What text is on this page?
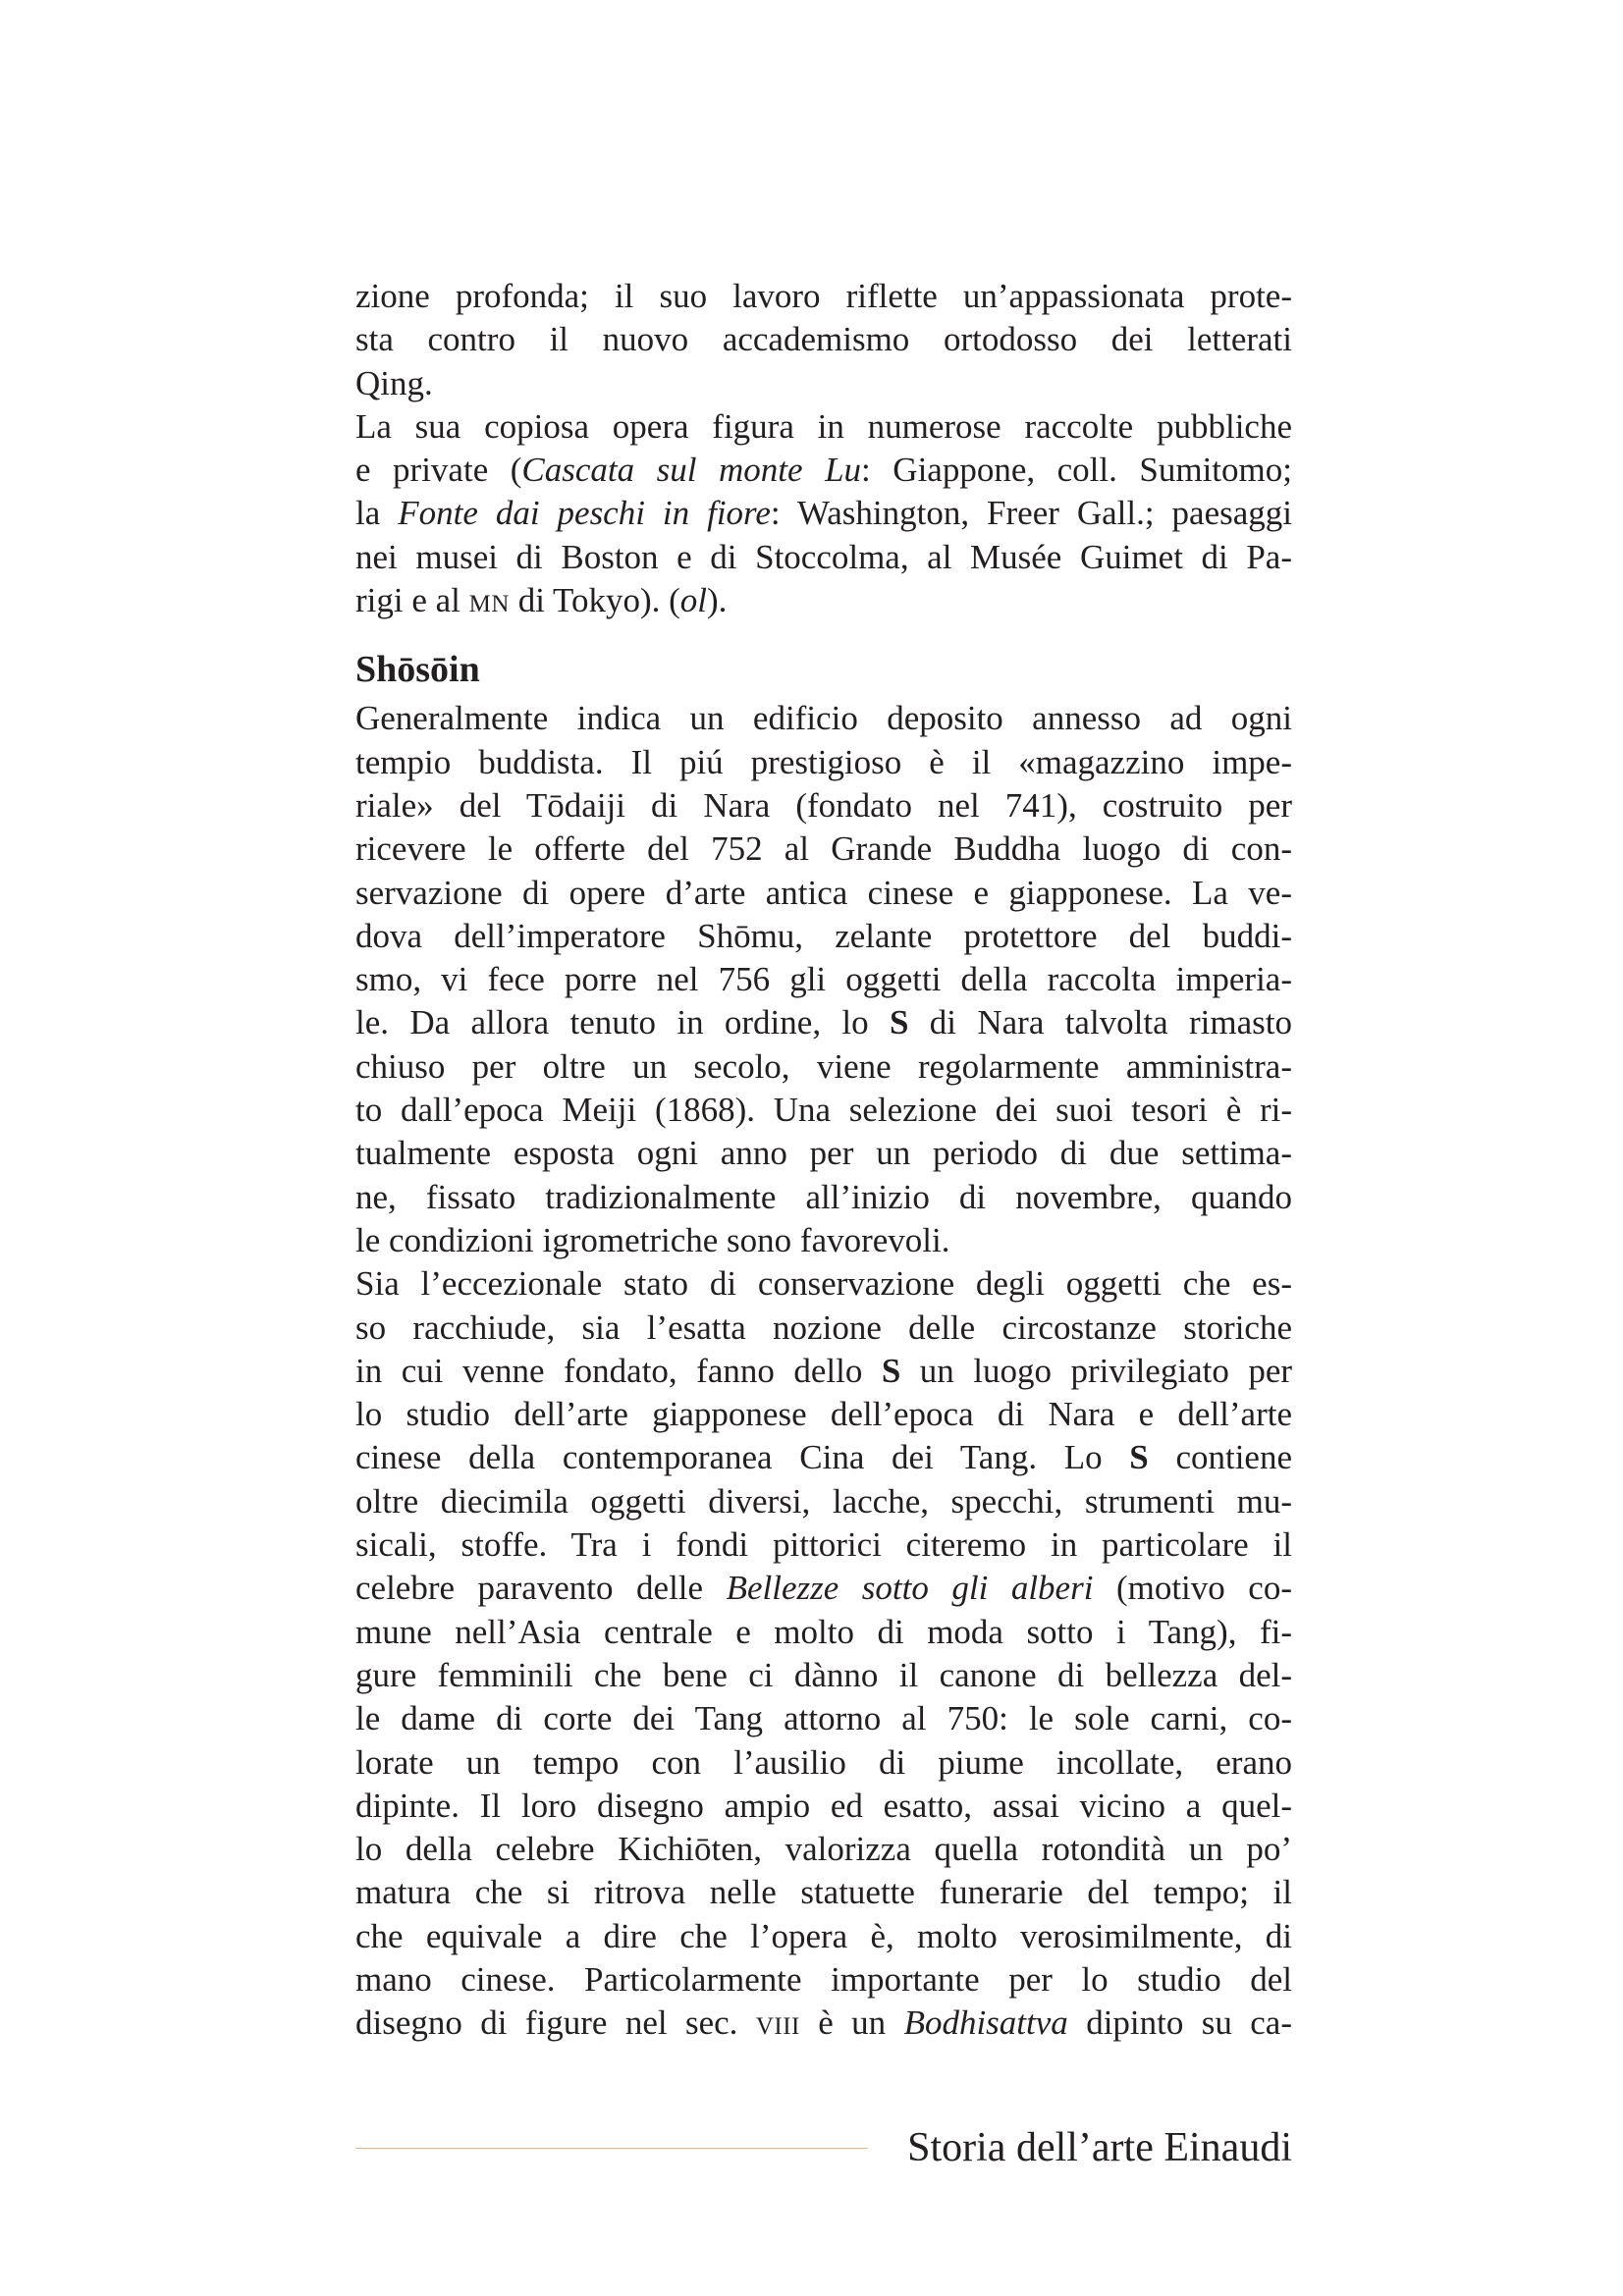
zione profonda; il suo lavoro riflette un’appassionata prote-
sta contro il nuovo accademismo ortodosso dei letterati
Qing.
La sua copiosa opera figura in numerose raccolte pubbliche
e private (Cascata sul monte Lu: Giappone, coll. Sumitomo;
la Fonte dai peschi in fiore: Washington, Freer Gall.; paesaggi
nei musei di Boston e di Stoccolma, al Musée Guimet di Pa-
rigi e al mn di Tokyo). (ol).
Shōsōin
Generalmente indica un edificio deposito annesso ad ogni
tempio buddista. Il piú prestigioso è il «magazzino impe-
riale» del Tōdaiji di Nara (fondato nel 741), costruito per
ricevere le offerte del 752 al Grande Buddha luogo di con-
servazione di opere d’arte antica cinese e giapponese. La ve-
dova dell’imperatore Shōmu, zelante protettore del buddi-
smo, vi fece porre nel 756 gli oggetti della raccolta imperia-
le. Da allora tenuto in ordine, lo S di Nara talvolta rimasto
chiuso per oltre un secolo, viene regolarmente amministra-
to dall’epoca Meiji (1868). Una selezione dei suoi tesori è ri-
tualmente esposta ogni anno per un periodo di due settima-
ne, fissato tradizionalmente all’inizio di novembre, quando
le condizioni igrometriche sono favorevoli.
Sia l’eccezionale stato di conservazione degli oggetti che es-
so racchiude, sia l’esatta nozione delle circostanze storiche
in cui venne fondato, fanno dello S un luogo privilegiato per
lo studio dell’arte giapponese dell’epoca di Nara e dell’arte
cinese della contemporanea Cina dei Tang. Lo S contiene
oltre diecimila oggetti diversi, lacche, specchi, strumenti mu-
sicali, stoffe. Tra i fondi pittorici citeremo in particolare il
celebre paravento delle Bellezze sotto gli alberi (motivo co-
mune nell’Asia centrale e molto di moda sotto i Tang), fi-
gure femminili che bene ci dànno il canone di bellezza del-
le dame di corte dei Tang attorno al 750: le sole carni, co-
lorate un tempo con l’ausilio di piume incollate, erano
dipinte. Il loro disegno ampio ed esatto, assai vicino a quel-
lo della celebre Kichiōten, valorizza quella rotondità un po’
matura che si ritrova nelle statuette funerarie del tempo; il
che equivale a dire che l’opera è, molto verosimilmente, di
mano cinese. Particolarmente importante per lo studio del
disegno di figure nel sec. viii è un Bodhisattva dipinto su ca-
Storia dell’arte Einaudi
